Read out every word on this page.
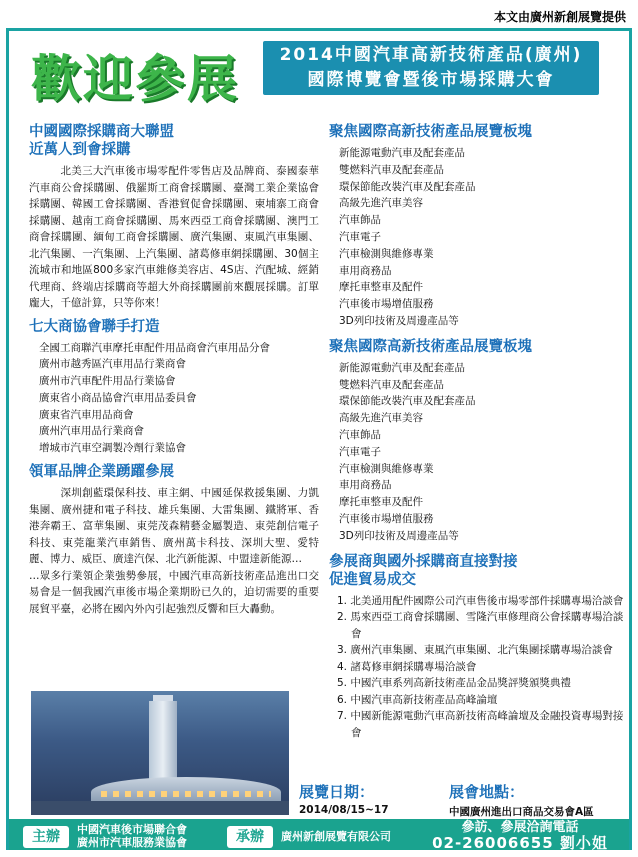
本文由廣州新創展覽提供
歡迎參展	2014中國汽車高新技術產品(廣州)
國際博覽會暨後市場採購大會
中國國際採購商大聯盟
近萬人到會採購

北美三大汽車後市場零配件零售店及品牌商、泰國泰華汽車商公會採購團、俄羅斯工商會採購團、臺灣工業企業協會採購團、韓國工會採購團、香港貿促會採購團、柬埔寨工商會採購團、越南工商會採購團、馬來西亞工商會採購團、澳門工商會採購團、緬甸工商會採購團、廣汽集團、東風汽車集團、北汽集團、一汽集團、上汽集團、諸葛修車網採購團、30個主流城市和地區800多家汽車維修美容店、4S店、汽配城、經銷代理商、終端店採購商等超大外商採購團前來觀展採購。訂單龐大，千億計算，只等你來！

七大商協會聯手打造
全國工商聯汽車摩托車配件用品商會汽車用品分會
廣州市越秀區汽車用品行業商會
廣州市汽車配件用品行業協會
廣東省小商品協會汽車用品委員會
廣東省汽車用品商會
廣州汽車用品行業商會
增城市汽車空調製冷劑行業協會
領軍品牌企業踴躍參展

深圳創藍環保科技、車主網、中國延保救援集團、力凱集團、廣州捷和電子科技、雄兵集團、大雷集團、鐵將軍、香港奔霸王、富華集團、東莞茂森精藝金屬製造、東莞創信電子科技、東莞龍業汽車銷售、廣州萬卡科技、深圳大聖、愛特麗、博力、威臣、廣達汽保、北汽新能源、中盟達新能源…

…眾多行業領企業強勢參展，中國汽車高新技術產品進出口交易會是一個我國汽車後市場企業期盼已久的，迫切需要的重要展貿平臺，必將在國內外內引起強烈反響和巨大轟動。

聚焦國際高新技術產品展覽板塊
新能源電動汽車及配套產品
雙燃料汽車及配套產品
環保節能改裝汽車及配套產品
高級先進汽車美容
汽車飾品
汽車電子
汽車檢測與維修專業
車用商務品
摩托車整車及配件
汽車後市場增值服務
3D列印技術及周邊產品等
聚焦國際高新技術產品展覽板塊
新能源電動汽車及配套產品
雙燃料汽車及配套產品
環保節能改裝汽車及配套產品
高級先進汽車美容
汽車飾品
汽車電子
汽車檢測與維修專業
車用商務品
摩托車整車及配件
汽車後市場增值服務
3D列印技術及周邊產品等
參展商與國外採購商直接對接
促進貿易成交
1. 北美通用配件國際公司汽車售後市場零部件採購專場洽談會
2. 馬來西亞工商會採購團、雪隆汽車修理商公會採購專場洽談會
3. 廣州汽車集團、東風汽車集團、北汽集團採購專場洽談會
4. 諸葛修車網採購專場洽談會
5. 中國汽車系列高新技術產品金品獎評獎頒獎典禮
6. 中國汽車高新技術產品高峰論壇
7. 中國新能源電動汽車高新技術高峰論壇及金融投資專場對接會
展覽日期：
2014/08/15~17
展會地點：
中國廣州進出口商品交易會A區
主辦	中國汽車後市場聯合會
廣州市汽車服務業協會	承辦	廣州新創展覽有限公司
參訪、參展洽詢電話
02-26006655 劉小姐
